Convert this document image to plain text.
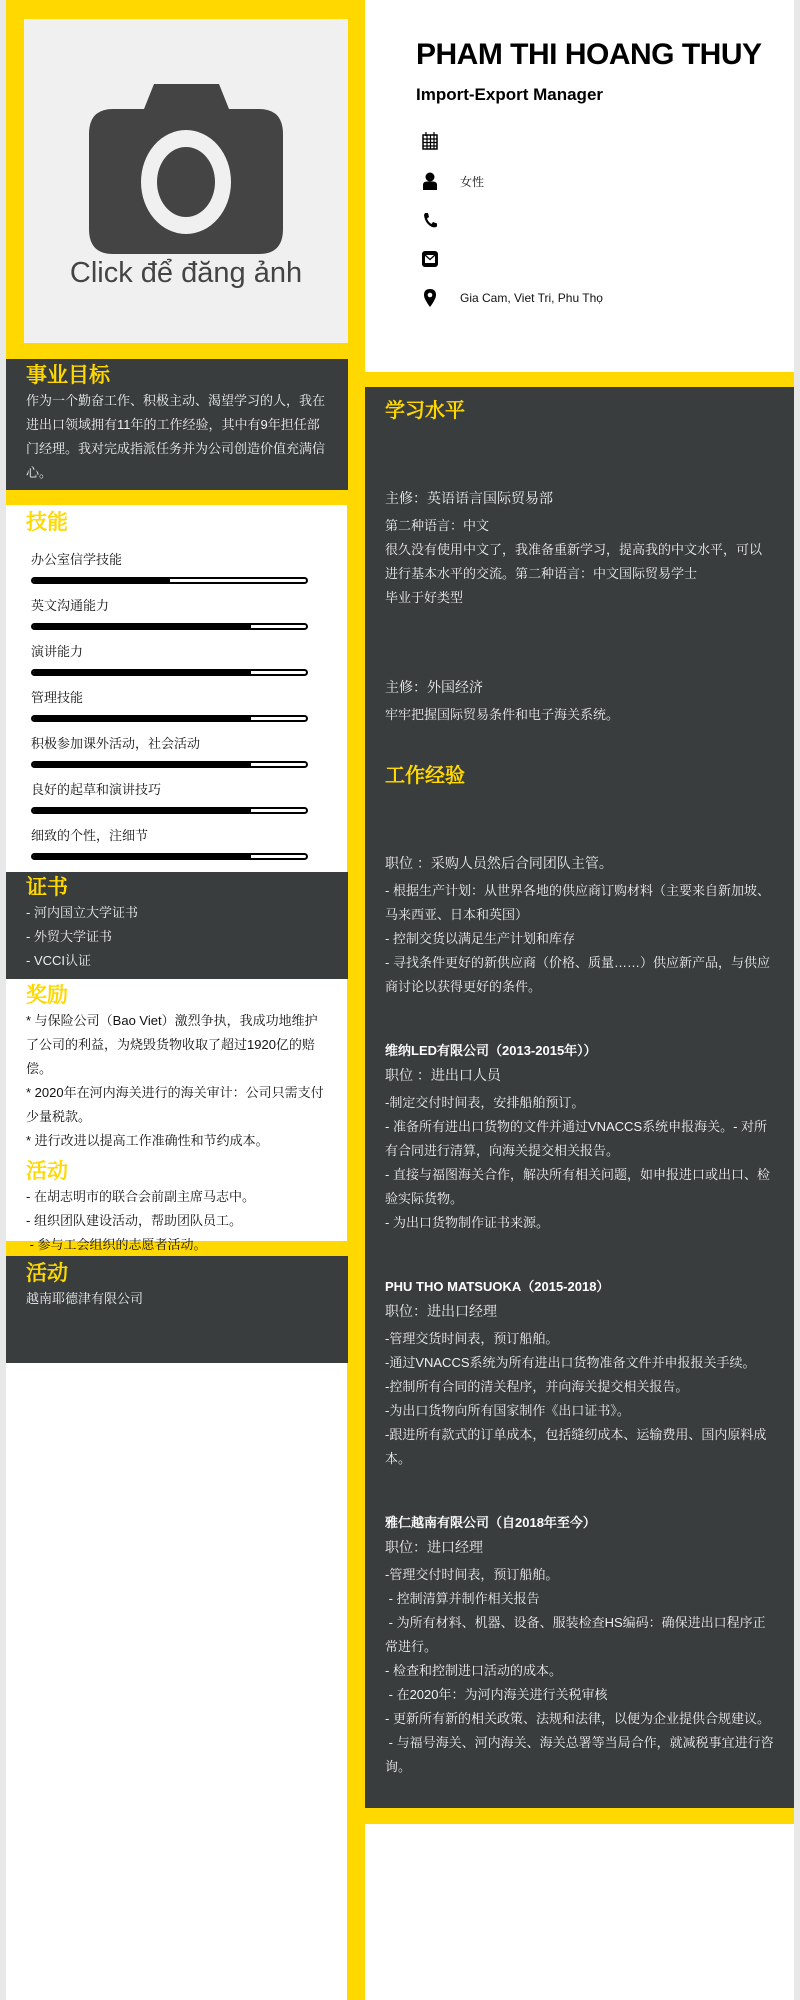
Click để đăng ảnh
PHAM THI HOANG THUY
Import-Export Manager
女性
Gia Cam, Viet Tri, Phu Thọ
事业目标
作为一个勤奋工作、积极主动、渴望学习的人，我在进出口领域拥有11年的工作经验，其中有9年担任部门经理。我对完成指派任务并为公司创造价值充满信心。
技能
办公室信学技能
英文沟通能力
演讲能力
管理技能
积极参加课外活动，社会活动
良好的起草和演讲技巧
细致的个性，注细节
证书
- 河内国立大学证书
- 外贸大学证书
- VCCI认证
奖励
* 与保险公司（Bao Viet）激烈争执，我成功地维护了公司的利益，为烧毁货物收取了超过1920亿的赔偿。
* 2020年在河内海关进行的海关审计：公司只需支付少量税款。
* 进行改进以提高工作准确性和节约成本。
活动
- 在胡志明市的联合会前副主席马志中。
- 组织团队建设活动，帮助团队员工。
- 参与工会组织的志愿者活动。
活动
越南耶德津有限公司
学习水平
主修：英语语言国际贸易部
第二种语言：中文
很久没有使用中文了，我准备重新学习，提高我的中文水平，可以进行基本水平的交流。第二种语言：中文国际贸易学士
毕业于好类型
主修：外国经济
牢牢把握国际贸易条件和电子海关系统。
工作经验
职位 ：采购人员然后合同团队主管。
- 根据生产计划：从世界各地的供应商订购材料（主要来自新加坡、马来西亚、日本和英国）
- 控制交货以满足生产计划和库存
- 寻找条件更好的新供应商（价格、质量……）供应新产品，与供应商讨论以获得更好的条件。
维纳LED有限公司（2013-2015年））
职位 ：进出口人员
-制定交付时间表，安排船舶预订。
- 准备所有进出口货物的文件并通过VNACCS系统申报海关。- 对所有合同进行清算，向海关提交相关报告。
- 直接与福图海关合作，解决所有相关问题，如申报进口或出口、检验实际货物。
- 为出口货物制作证书来源。
PHU THO MATSUOKA（2015-2018）
职位：进出口经理
-管理交货时间表，预订船舶。
-通过VNACCS系统为所有进出口货物准备文件并申报报关手续。
-控制所有合同的清关程序，并向海关提交相关报告。
-为出口货物向所有国家制作《出口证书》。
-跟进所有款式的订单成本，包括缝纫成本、运输费用、国内原料成本。
雅仁越南有限公司（自2018年至今）
职位：进口经理
-管理交付时间表，预订船舶。
- 控制清算并制作相关报告
- 为所有材料、机器、设备、服装检查HS编码：确保进出口程序正常进行。
- 检查和控制进口活动的成本。
- 在2020年：为河内海关进行关税审核
- 更新所有新的相关政策、法规和法律，以便为企业提供合规建议。
- 与福号海关、河内海关、海关总署等当局合作，就减税事宜进行咨询。
